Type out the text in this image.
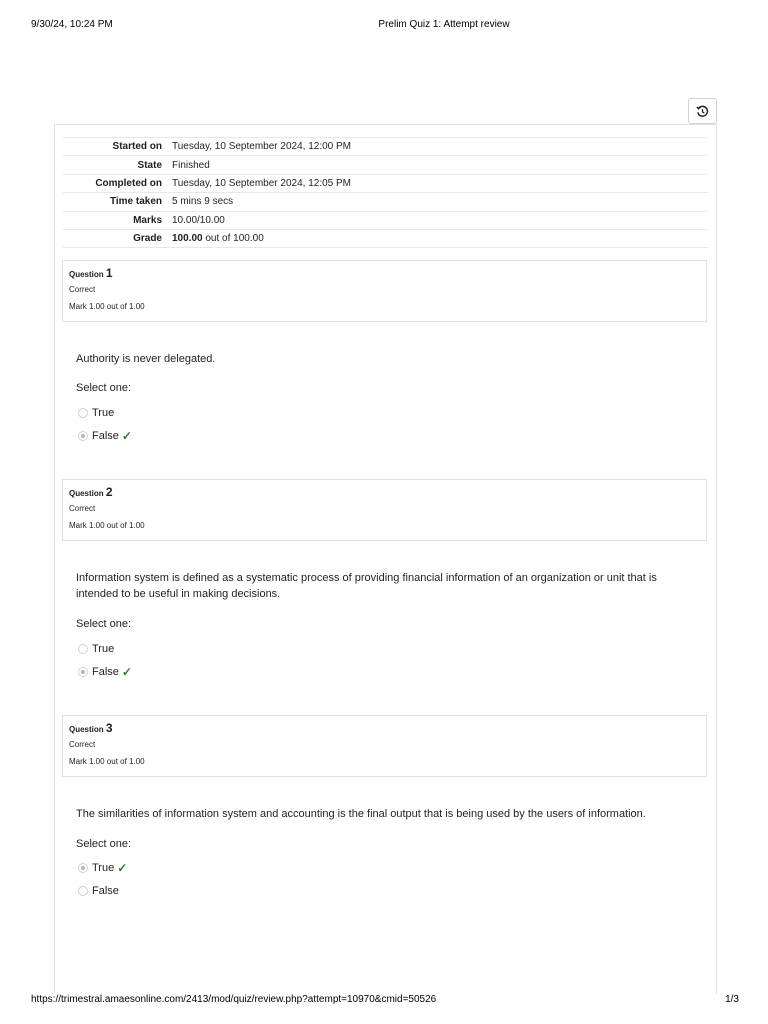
9/30/24, 10:24 PM	Prelim Quiz 1: Attempt review
Started on	Tuesday, 10 September 2024, 12:00 PM
State	Finished
Completed on	Tuesday, 10 September 2024, 12:05 PM
Time taken	5 mins 9 secs
Marks	10.00/10.00
Grade	100.00 out of 100.00
Question 1
Correct
Mark 1.00 out of 1.00
Authority is never delegated.
Select one:
True
False ✓
Question 2
Correct
Mark 1.00 out of 1.00
Information system is defined as a systematic process of providing financial information of an organization or unit that is intended to be useful in making decisions.
Select one:
True
False ✓
Question 3
Correct
Mark 1.00 out of 1.00
The similarities of information system and accounting is the final output that is being used by the users of information.
Select one:
True ✓
False
https://trimestral.amaesonline.com/2413/mod/quiz/review.php?attempt=10970&cmid=50526	1/3
